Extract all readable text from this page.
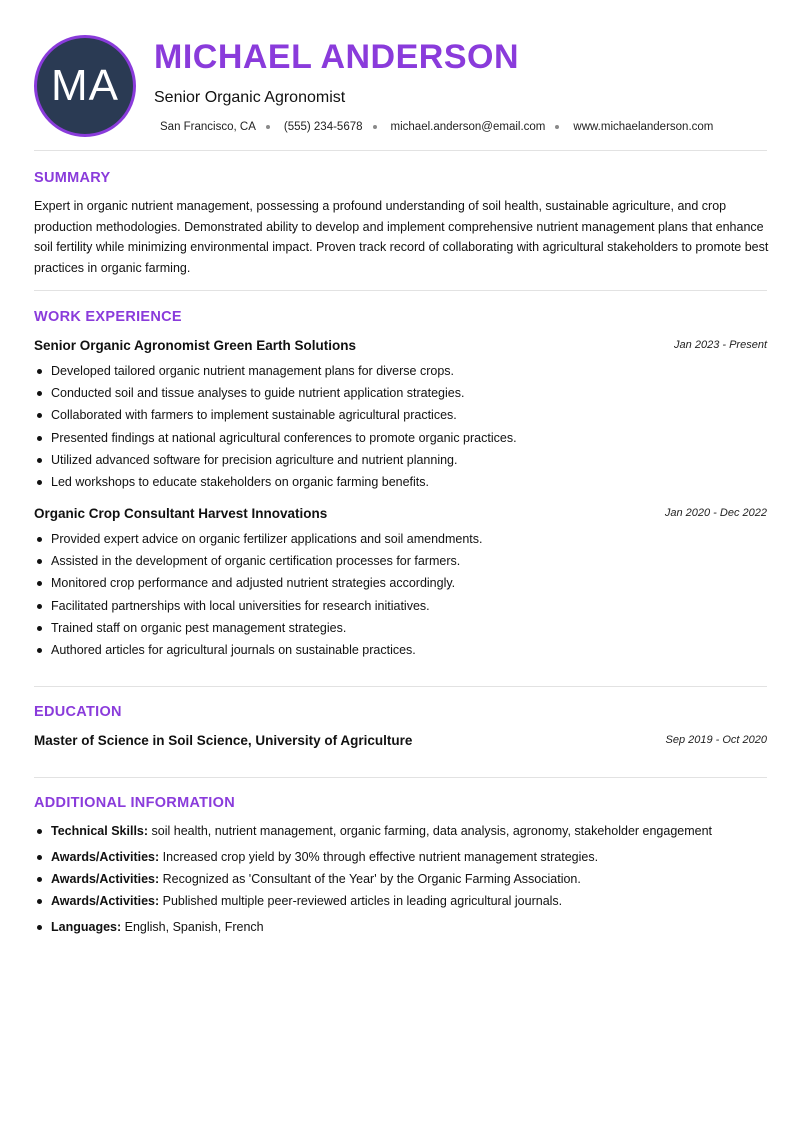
MA
MICHAEL ANDERSON
Senior Organic Agronomist
San Francisco, CA (555) 234-5678 michael.anderson@email.com www.michaelanderson.com
SUMMARY

Expert in organic nutrient management, possessing a profound understanding of soil health, sustainable agriculture, and crop production methodologies. Demonstrated ability to develop and implement comprehensive nutrient management plans that enhance soil fertility while minimizing environmental impact. Proven track record of collaborating with agricultural stakeholders to promote best practices in organic farming.

WORK EXPERIENCE
Senior Organic Agronomist Green Earth Solutions	Jan 2023 - Present
Developed tailored organic nutrient management plans for diverse crops.
Conducted soil and tissue analyses to guide nutrient application strategies.
Collaborated with farmers to implement sustainable agricultural practices.
Presented findings at national agricultural conferences to promote organic practices.
Utilized advanced software for precision agriculture and nutrient planning.
Led workshops to educate stakeholders on organic farming benefits.
Organic Crop Consultant Harvest Innovations	Jan 2020 - Dec 2022
Provided expert advice on organic fertilizer applications and soil amendments.
Assisted in the development of organic certification processes for farmers.
Monitored crop performance and adjusted nutrient strategies accordingly.
Facilitated partnerships with local universities for research initiatives.
Trained staff on organic pest management strategies.
Authored articles for agricultural journals on sustainable practices.
EDUCATION
Master of Science in Soil Science, University of Agriculture	Sep 2019 - Oct 2020
ADDITIONAL INFORMATION
Technical Skills: soil health, nutrient management, organic farming, data analysis, agronomy, stakeholder engagement
Awards/Activities: Increased crop yield by 30% through effective nutrient management strategies.
Awards/Activities: Recognized as 'Consultant of the Year' by the Organic Farming Association.
Awards/Activities: Published multiple peer-reviewed articles in leading agricultural journals.
Languages: English, Spanish, French
